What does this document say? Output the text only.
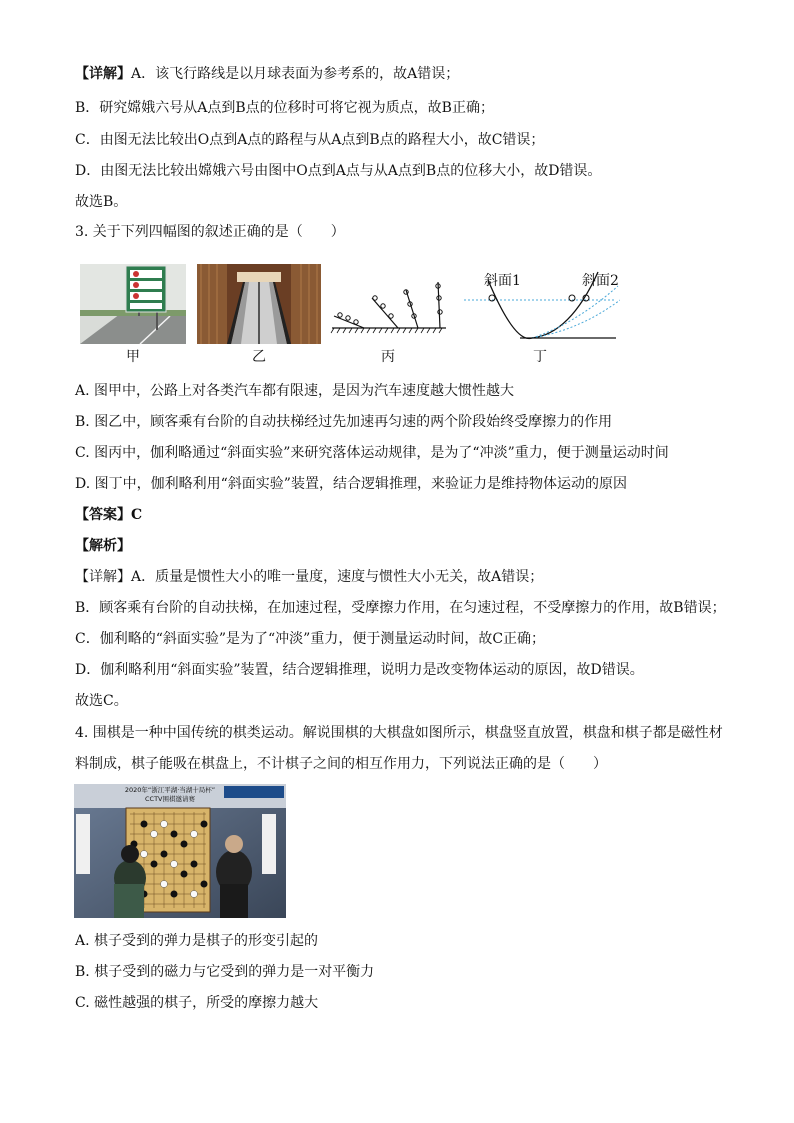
【详解】A．该飞行路线是以月球表面为参考系的，故A错误；
B．研究嫦娥六号从A点到B点的位移时可将它视为质点，故B正确；
C．由图无法比较出O点到A点的路程与从A点到B点的路程大小，故C错误；
D．由图无法比较出嫦娥六号由图中O点到A点与从A点到B点的位移大小，故D错误。
故选B。
3. 关于下列四幅图的叙述正确的是（　　）
甲	乙	丙
斜面1	斜面2
丁
A. 图甲中，公路上对各类汽车都有限速，是因为汽车速度越大惯性越大
B. 图乙中，顾客乘有台阶的自动扶梯经过先加速再匀速的两个阶段始终受摩擦力的作用
C. 图丙中，伽利略通过“斜面实验”来研究落体运动规律，是为了“冲淡”重力，便于测量运动时间
D. 图丁中，伽利略利用“斜面实验”装置，结合逻辑推理，来验证力是维持物体运动的原因
【答案】C
【解析】
【详解】A．质量是惯性大小的唯一量度，速度与惯性大小无关，故A错误；
B．顾客乘有台阶的自动扶梯，在加速过程，受摩擦力作用，在匀速过程，不受摩擦力的作用，故B错误；
C．伽利略的“斜面实验”是为了“冲淡”重力，便于测量运动时间，故C正确；
D．伽利略利用“斜面实验”装置，结合逻辑推理，说明力是改变物体运动的原因，故D错误。
故选C。
4. 围棋是一种中国传统的棋类运动。解说围棋的大棋盘如图所示，棋盘竖直放置，棋盘和棋子都是磁性材
料制成，棋子能吸在棋盘上，不计棋子之间的相互作用力，下列说法正确的是（　　）
2020年“浙江平湖·当湖十局杯”
CCTV围棋邀请赛
A. 棋子受到的弹力是棋子的形变引起的
B. 棋子受到的磁力与它受到的弹力是一对平衡力
C. 磁性越强的棋子，所受的摩擦力越大
